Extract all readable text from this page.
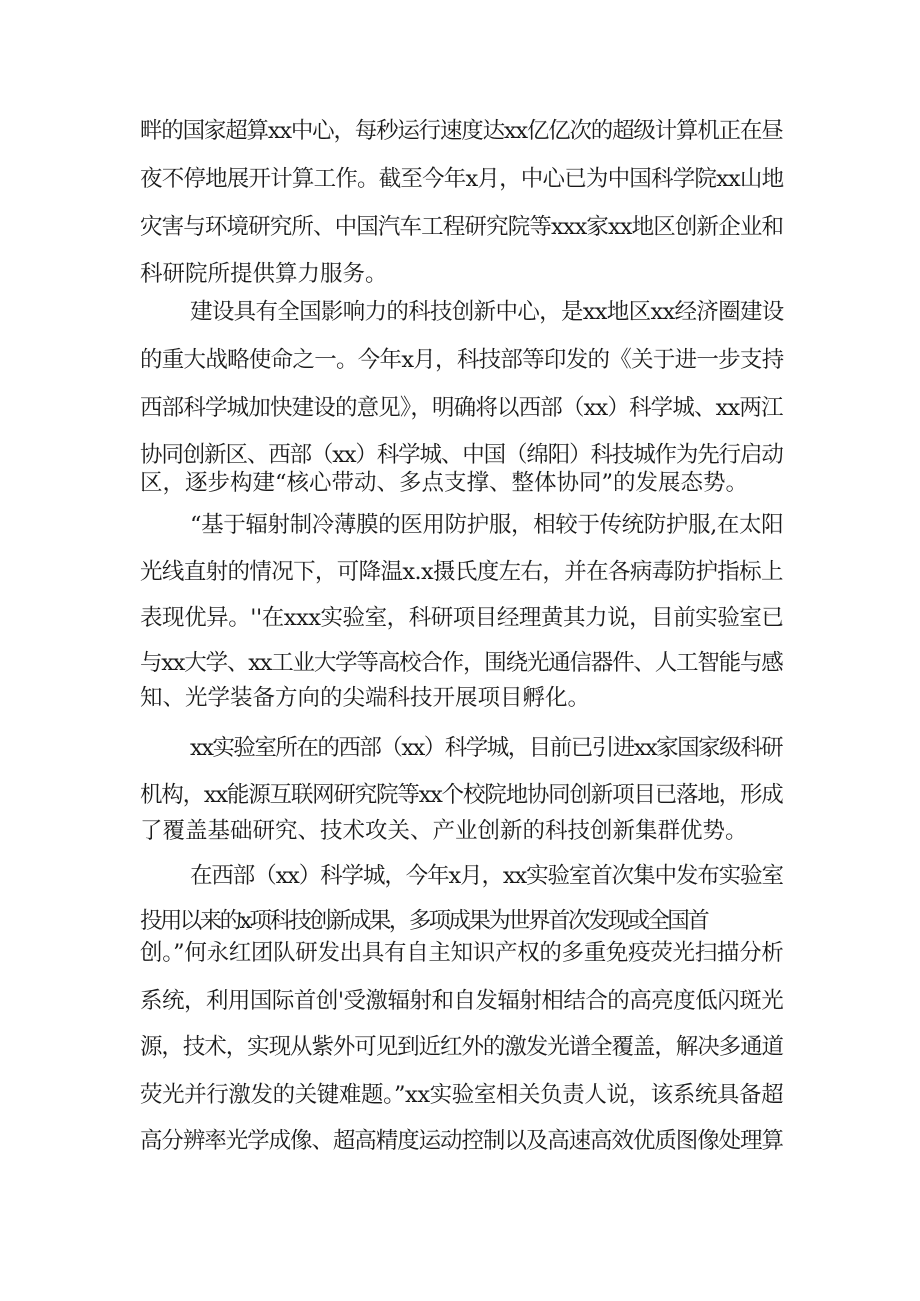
畔的国家超算xx中心，每秒运行速度达xx亿亿次的超级计算机正在昼
夜不停地展开计算工作。截至今年x月，中心已为中国科学院xx山地
灾害与环境研究所、中国汽车工程研究院等xxx家xx地区创新企业和
科研院所提供算力服务。
建设具有全国影响力的科技创新中心，是xx地区xx经济圈建设
的重大战略使命之一。今年x月，科技部等印发的《关于进一步支持
西部科学城加快建设的意见》，明确将以西部（xx）科学城、xx两江
协同创新区、西部（xx）科学城、中国（绵阳）科技城作为先行启动
区，逐步构建“核心带动、多点支撑、整体协同”的发展态势。
“基于辐射制冷薄膜的医用防护服，相较于传统防护服,在太阳
光线直射的情况下，可降温x.x摄氏度左右，并在各病毒防护指标上
表现优异。''在xxx实验室，科研项目经理黄其力说，目前实验室已
与xx大学、xx工业大学等高校合作，围绕光通信器件、人工智能与感
知、光学装备方向的尖端科技开展项目孵化。
xx实验室所在的西部（xx）科学城，目前已引进xx家国家级科研
机构，xx能源互联网研究院等xx个校院地协同创新项目已落地，形成
了覆盖基础研究、技术攻关、产业创新的科技创新集群优势。
在西部（xx）科学城，今年x月，xx实验室首次集中发布实验室
投用以来的x项科技创新成果，多项成果为世界首次发现或全国首
创。”何永红团队研发出具有自主知识产权的多重免疫荧光扫描分析
系统，利用国际首创'受激辐射和自发辐射相结合的高亮度低闪斑光
源，技术，实现从紫外可见到近红外的激发光谱全覆盖，解决多通道
荧光并行激发的关键难题。”xx实验室相关负责人说，该系统具备超
高分辨率光学成像、超高精度运动控制以及高速高效优质图像处理算
